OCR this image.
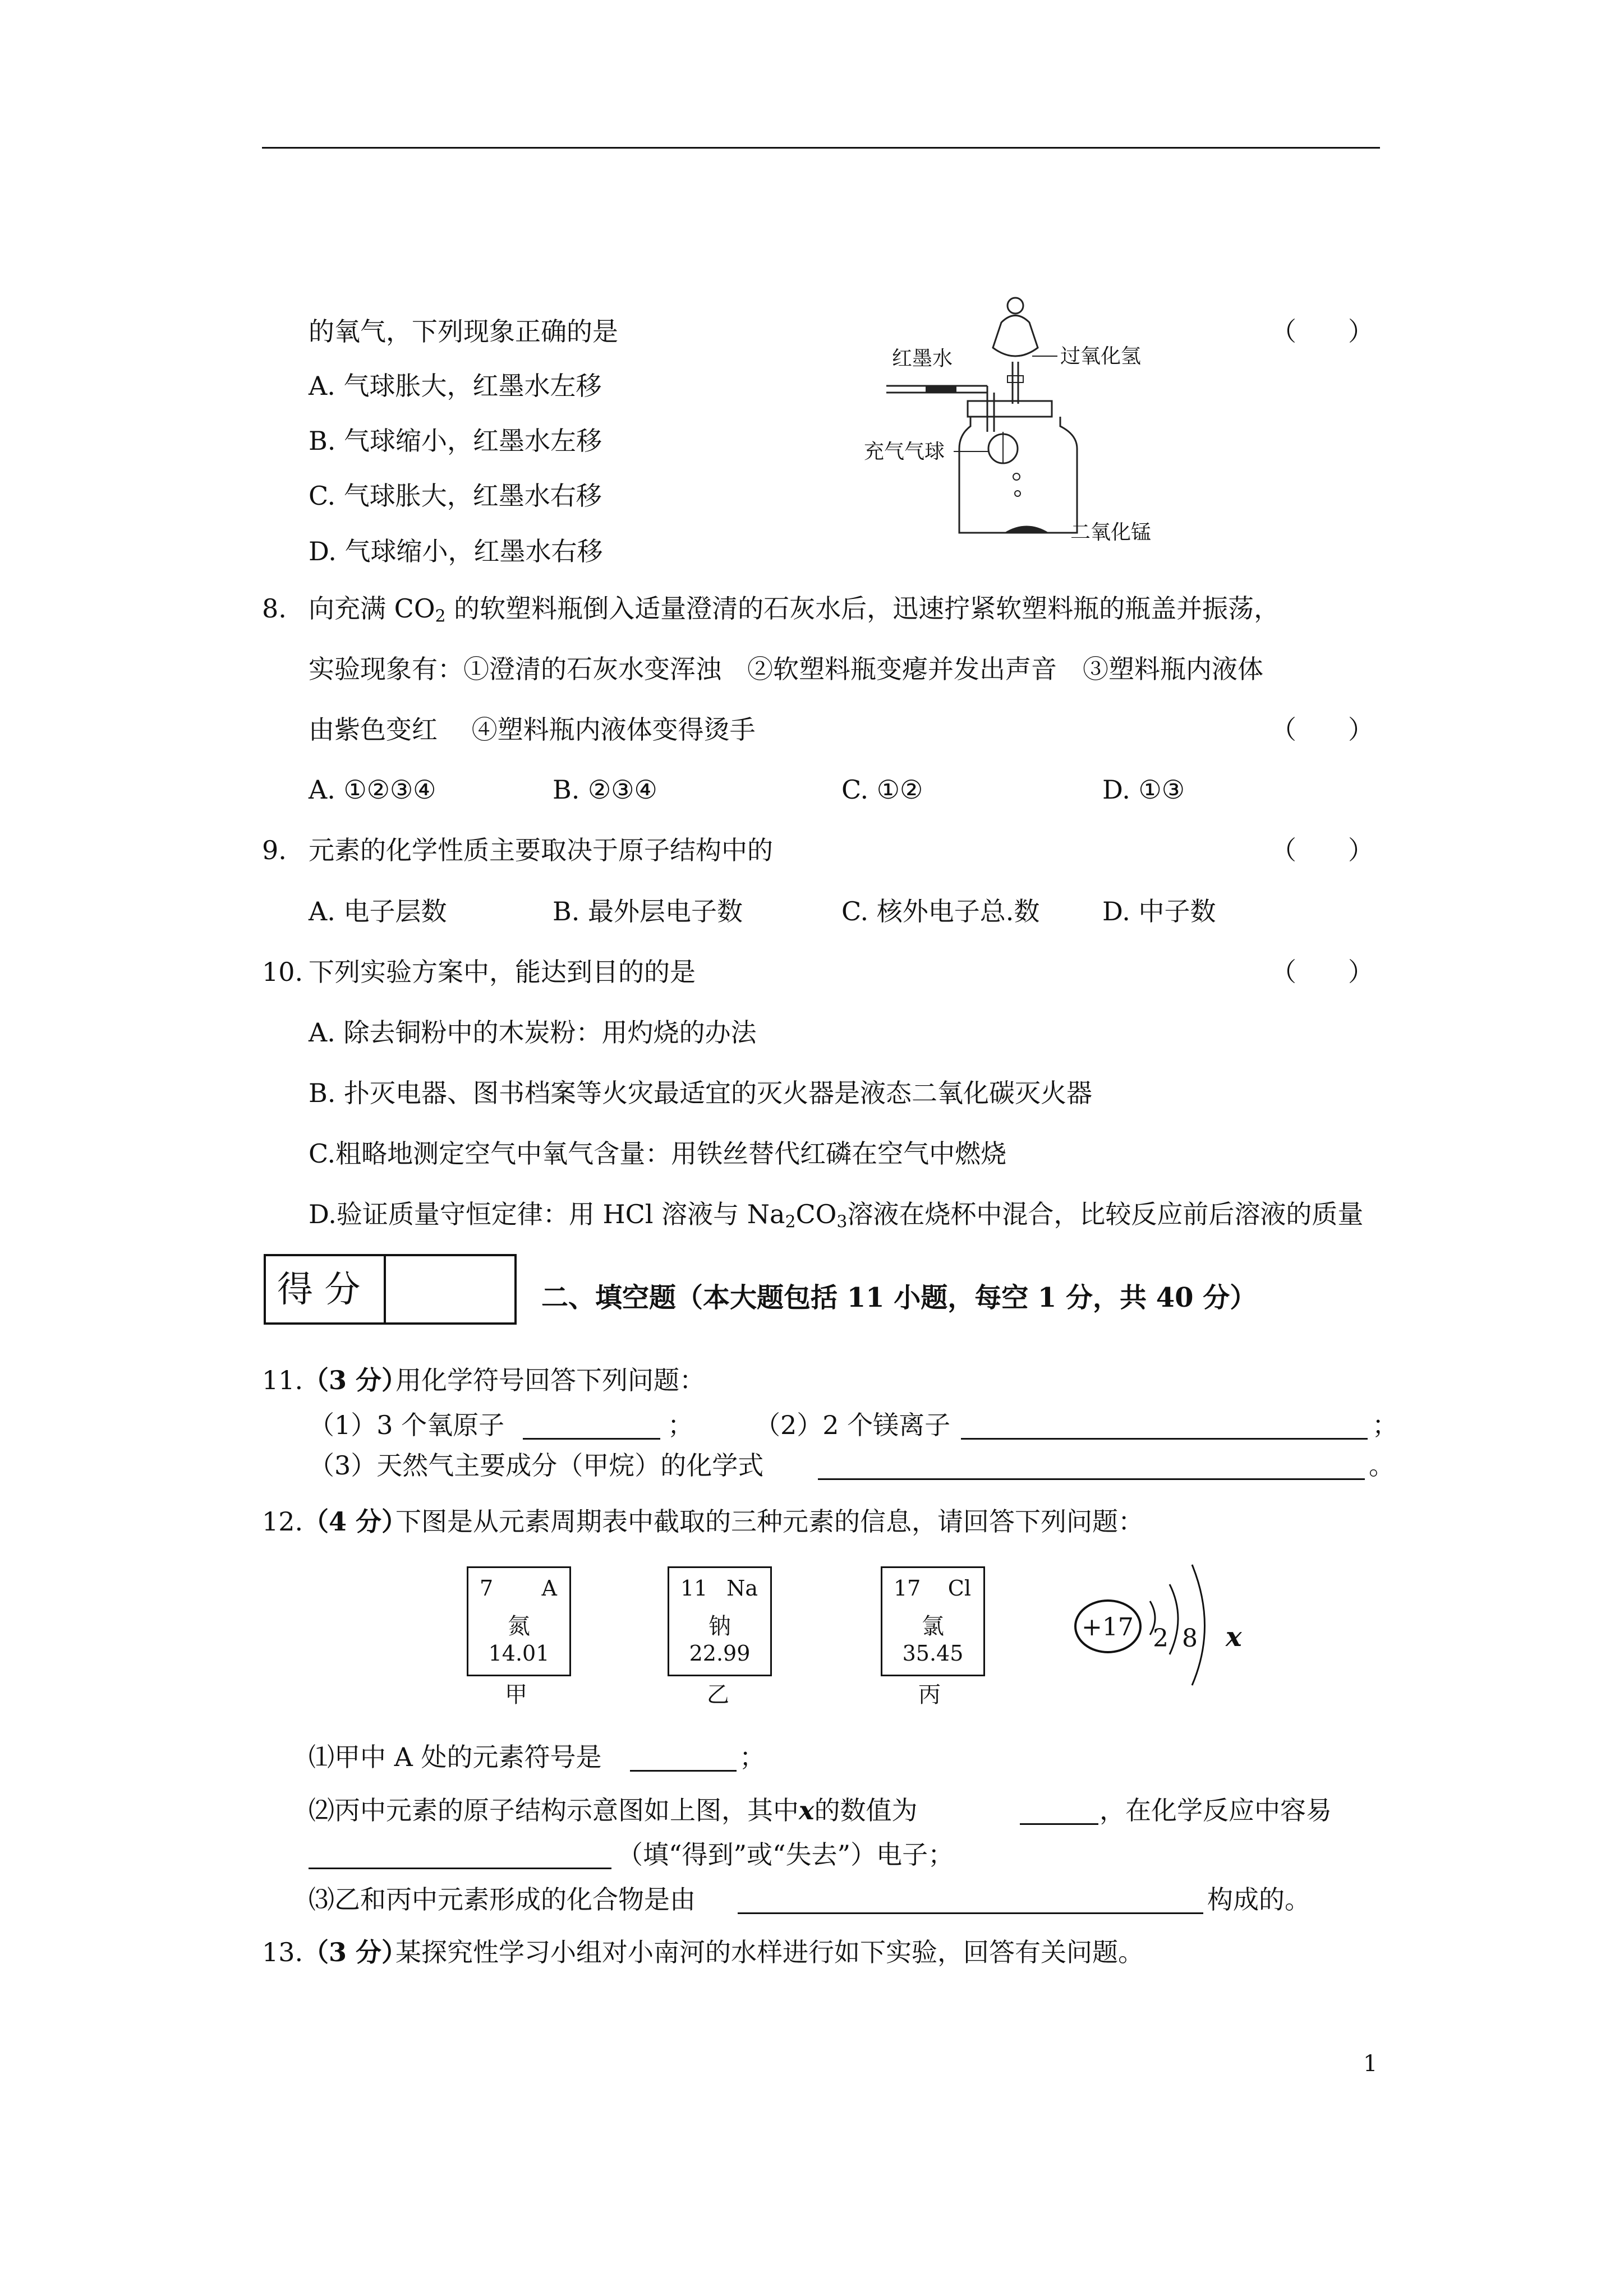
的氧气，下列现象正确的是	（　　）
A. 气球胀大，红墨水左移
B. 气球缩小，红墨水左移
C. 气球胀大，红墨水右移
D. 气球缩小，红墨水右移
红墨水	过氧化氢
充气气球
二氧化锰
8. 向充满 $CO_2$ 的软塑料瓶倒入适量澄清的石灰水后，迅速拧紧软塑料瓶的瓶盖并振荡，
实验现象有：①澄清的石灰水变浑浊　②软塑料瓶变瘪并发出声音　③塑料瓶内液体
由紫色变红　 ④塑料瓶内液体变得烫手	（　　）
A. ①②③④	B. ②③④	C. ①②	D. ①③
9. 元素的化学性质主要取决于原子结构中的	（　　）
A. 电子层数	B. 最外层电子数	C. 核外电子总.数 D. 中子数
10. 下列实验方案中，能达到目的的是	（　　）
A. 除去铜粉中的木炭粉：用灼烧的办法
B. 扑灭电器、图书档案等火灾最适宜的灭火器是液态二氧化碳灭火器
C.粗略地测定空气中氧气含量：用铁丝替代红磷在空气中燃烧
D.验证质量守恒定律：用 HCl 溶液与 $Na_2CO_3$溶液在烧杯中混合，比较反应前后溶液的质量
得 分	二、填空题（本大题包括 11 小题，每空 1 分，共 40 分）
11. （3 分）
用化学符号回答下列问题：
（1）3 个氧原子	； （2）2 个镁离子	；
（3）天然气主要成分（甲烷）的化学式	。
12. （4 分）
下图是从元素周期表中截取的三种元素的信息，请回答下列问题：
7 A
氮
14.01
甲
11 Na
钠
22.99
乙
17 Cl
氯
35.45
丙
+17 2 8 x
⑴甲中 A 处的元素符号是	；
⑵丙中元素的原子结构示意图如上图，其中x的数值为	，在化学反应中容易
（填“得到”或“失去”）电子；
⑶乙和丙中元素形成的化合物是由	构成的。
13. （3 分）
某探究性学习小组对小南河的水样进行如下实验，回答有关问题。
1
